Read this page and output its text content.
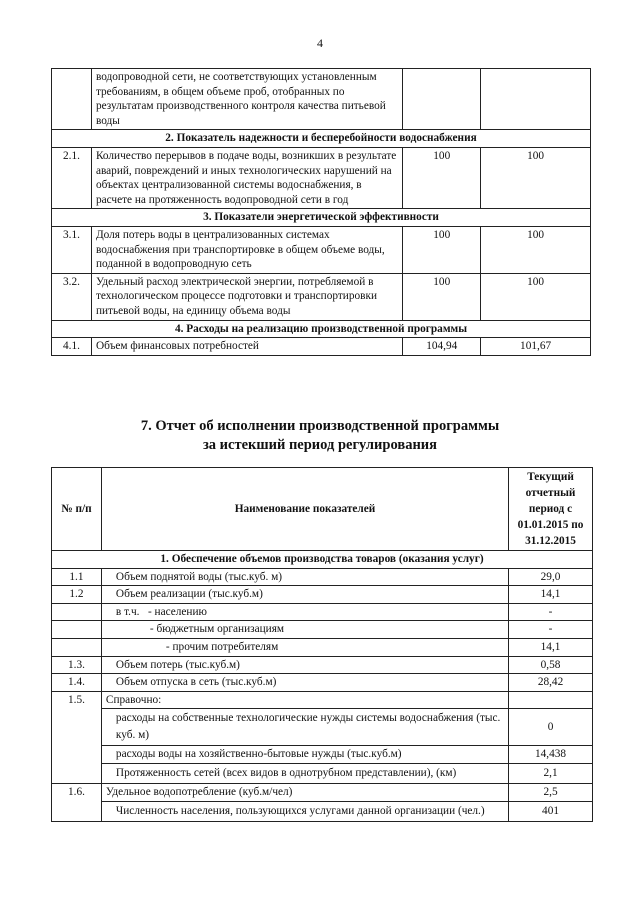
4
	водопроводной сети, не соответствующих установленным требованиям, в общем объеме проб, отобранных по результатам производственного контроля качества питьевой воды		
2. Показатель надежности и бесперебойности водоснабжения			
2.1.	Количество перерывов в подаче воды, возникших в результате аварий, повреждений и иных технологических нарушений на объектах централизованной системы водоснабжения, в расчете на протяженность водопроводной сети в год	100	100
3. Показатели энергетической эффективности			
3.1.	Доля потерь воды в централизованных системах водоснабжения при транспортировке в общем объеме воды, поданной в водопроводную сеть	100	100
3.2.	Удельный расход электрической энергии, потребляемой в технологическом процессе подготовки и транспортировки питьевой воды, на единицу объема воды	100	100
4. Расходы на реализацию производственной программы			
4.1.	Объем финансовых потребностей	104,94	101,67
7. Отчет об исполнении производственной программы
за истекший период регулирования
№ п/п	Наименование показателей	Текущий отчетный период с 01.01.2015 по 31.12.2015
1. Обеспечение объемов производства товаров (оказания услуг)		
1.1	Объем поднятой воды (тыс.куб. м)	29,0
1.2	Объем реализации (тыс.куб.м)	14,1
	в т.ч.   - населению	-
	- бюджетным организациям	-
	- прочим потребителям	14,1
1.3.	Объем потерь (тыс.куб.м)	0,58
1.4.	Объем отпуска в сеть (тыс.куб.м)	28,42
1.5.	Справочно:	
	расходы на собственные технологические нужды системы водоснабжения (тыс. куб. м)	0
	расходы воды на хозяйственно-бытовые нужды (тыс.куб.м)	14,438
	Протяженность сетей (всех видов в однотрубном представлении), (км)	2,1
1.6.	Удельное водопотребление (куб.м/чел)	2,5
	Численность населения, пользующихся услугами данной организации (чел.)	401
